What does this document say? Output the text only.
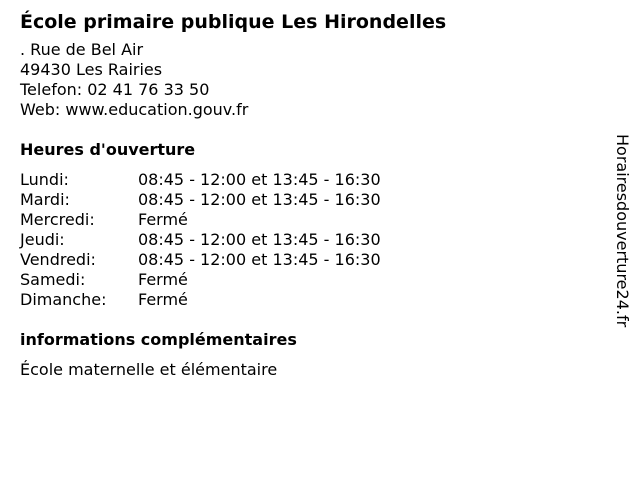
École primaire publique Les Hirondelles
. Rue de Bel Air
49430 Les Rairies
Telefon: 02 41 76 33 50
Web: www.education.gouv.fr
Heures d'ouverture
Lundi:	08:45 - 12:00 et 13:45 - 16:30
Mardi:	08:45 - 12:00 et 13:45 - 16:30
Mercredi:	Fermé
Jeudi:	08:45 - 12:00 et 13:45 - 16:30
Vendredi:	08:45 - 12:00 et 13:45 - 16:30
Samedi:	Fermé
Dimanche:	Fermé
informations complémentaires
École maternelle et élémentaire
Horairesdouverture24.fr
